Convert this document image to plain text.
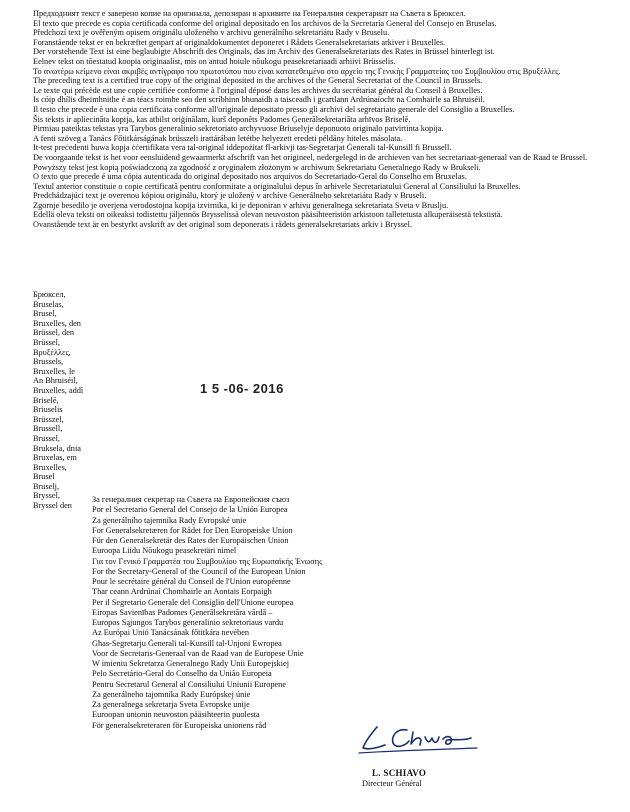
Предходният текст е заверено копие на оригинала, депозиран в архивите на Генералния секретариат на Съвета в Брюксел.
El texto que precede es copia certificada conforme del original depositado en los archivos de la Secretaría General del Consejo en Bruselas.
Předchozí text je ověřeným opisem originálu uloženého v archivu generálního sekretariátu Rady v Bruselu.
Foranstående tekst er en bekræftet genpart af originaldokumentet deponeret i Rådets Generalsekretariats arkiver i Bruxelles.
Der vorstehende Text ist eine beglaubigte Abschrift des Originals, das im Archiv des Generalsekretariats des Rates in Brüssel hinterlegt ist.
Eelnev tekst on tõestatud koopia originaalist, mis on antud hoiule nõukogu peasekretariaadi arhiivi Brüsselis.
Το ανωτέρω κείμενο είναι ακριβές αντίγραφο του πρωτοτύπου που είναι κατατεθειμένο στο αρχείο της Γενικής Γραμματείας του Συμβουλίου στις Βρυξέλλες.
The preceding text is a certified true copy of the original deposited in the archives of the General Secretariat of the Council in Brussels.
Le texte qui précède est une copie certifiée conforme à l'original déposé dans les archives du secrétariat général du Conseil à Bruxelles.
Is cóip dhílis dheimhnithe é an téacs roimhe seo den scríbhinn bhunaidh a taisceadh i gcartlann Ardrúnaíocht na Comhairle sa Bhruiséil.
Il testo che precede è una copia certificata conforme all'originale depositato presso gli archivi del segretariato generale del Consiglio a Bruxelles.
Šis teksts ir apliecināta kopija, kas atbilst oriģinālam, kurš deponēts Padomes Ģenerālsekretariāta arhīvos Briselē.
Pirmiau pateiktas tekstas yra Tarybos generalinio sekretoriato archyvuose Briuselyje deponuoto originalo patvirtinta kopija.
A fenti szöveg a Tanács Főtitkárságának brüsszeli irattárában letétbe helyezett eredeti példány hiteles másolata.
It-test preċedenti huwa kopja ċċertifikata vera tal-original iddepożitat fl-arkivji tas-Segretarjat Ġenerali tal-Kunsill fi Brussell.
De voorgaande tekst is het voor eensluidend gewaarmerkt afschrift van het origineel, nedergelegd in de archieven van het secretariaat-generaal van de Raad te Brussel.
Powyższy tekst jest kopią poświadczoną za zgodność z oryginałem złożonym w archiwum Sekretariatu Generalnego Rady w Brukseli.
O texto que precede é uma cópia autenticada do original depositado nos arquivos do Secretariado-Geral do Conselho em Bruxelas.
Textul anterior constituie o copie certificată pentru conformitate a originalului depus în arhivele Secretariatului General al Consiliului la Bruxelles.
Predchádzajúci text je overenou kópiou originálu, ktorý je uložený v archíve Generálneho sekretariátu Rady v Bruseli.
Zgornje besedilo je overjena verodostojna kopija izvirnika, ki je deponiran v arhivu generalnega sekretariata Sveta v Bruslju.
Edellä oleva teksti on oikeaksi todistettu jäljennös Brysselissä olevan neuvoston pääsihteeristön arkistoon talletetusta alkuperäisestä tekstistä.
Ovanstående text är en bestyrkt avskrift av det original som deponerats i rådets generalsekretariats arkiv i Bryssel.
Брюксел,
Bruselas,
Brusel,
Bruxelles, den
Brüssel, den
Brüssel,
Βρυξέλλες,
Brussels,
Bruxelles, le
An Bhruiséil,
Bruxelles, addì
Briselē,
Briuselis
Brüsszel,
Brussell,
Brussel,
Bruksela, dnia
Bruxelas, em
Bruxelles,
Brusel
Bruselj,
Bryssel,
Bryssel den
1 5 -06- 2016
За генералния секретар на Съвета на Европейския съюз
Por el Secretario General del Consejo de la Unión Europea
Za generálního tajemníka Rady Evropské unie
For Generalsekretæren for Rådet for Den Europæiske Union
Für den Generalsekretär des Rates der Europäischen Union
Euroopa Liidu Nõukogu peasekretäri nimel
Για τον Γενικό Γραμματέα του Συμβουλίου της Ευρωπαϊκής Ένωσης
For the Secretary-General of the Council of the European Union
Pour le secrétaire général du Conseil de l'Union européenne
Thar ceann Ardrúnaí Chomhairle an Aontais Eorpaigh
Per il Segretario Generale del Consiglio dell'Unione europea
Eiropas Savienības Padomes Ģenerālsekretāra vārdā –
Europos Sąjungos Tarybos generalinio sekretoriaus vardu
Az Európai Unió Tanácsának főtitkára nevében
Għas-Segretarju Ġenerali tal-Kunsill tal-Unjoni Ewropea
Voor de Secretaris-Generaal van de Raad van de Europese Unie
W imieniu Sekretarza Generalnego Rady Unii Europejskiej
Pelo Secretário-Geral do Conselho da União Europeia
Pentru Secretarul General al Consiliului Uniunii Europene
Za generálneho tajomníka Rady Európskej únie
Za generalnega sekretarja Sveta Evropske unije
Euroopan unionin neuvoston pääsihteerin puolesta
För generalsekreteraren för Europeiska unionens råd
L. SCHIAVO
Directeur Général
